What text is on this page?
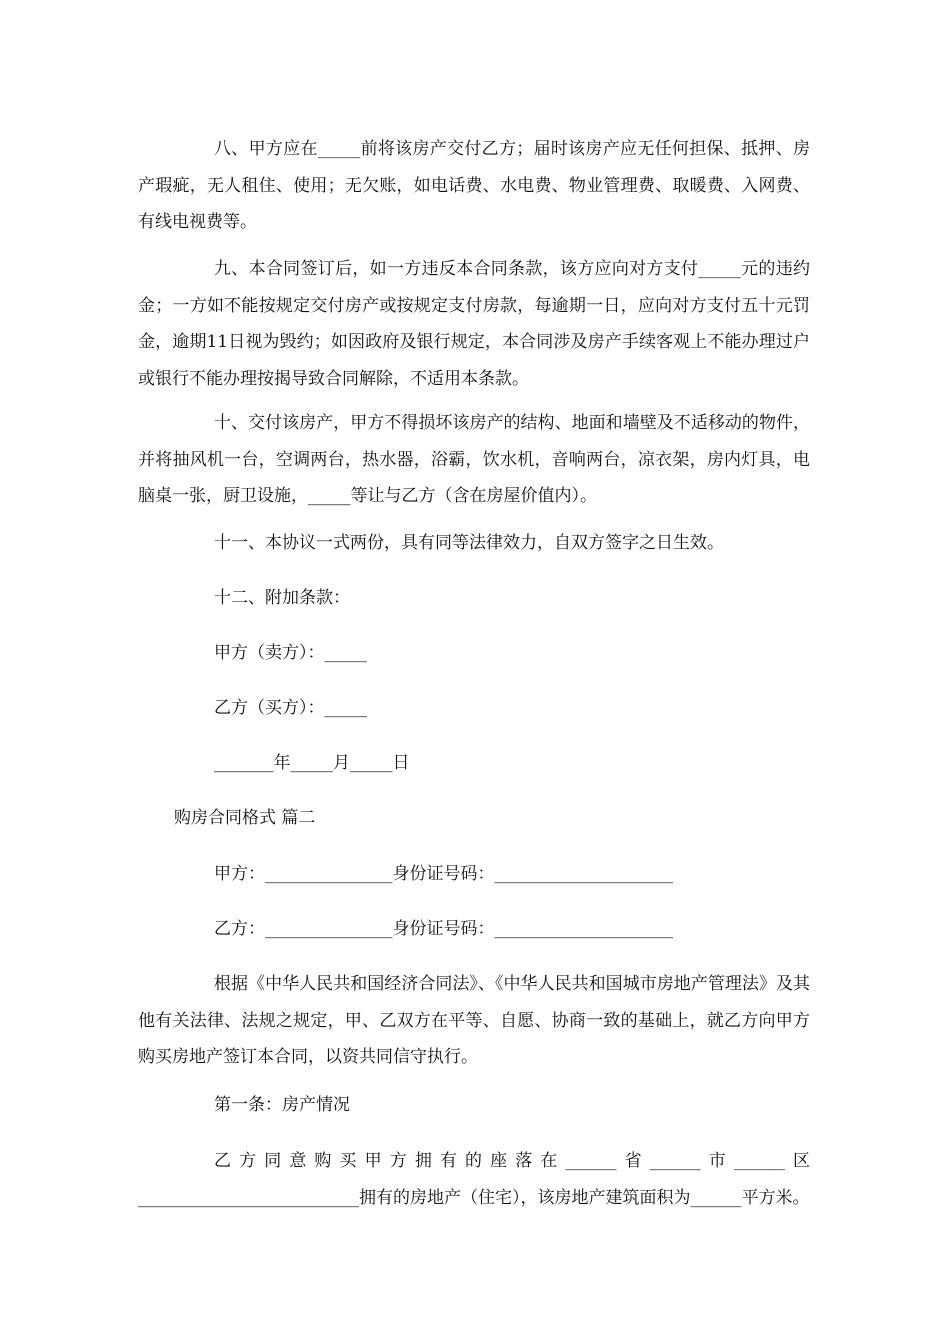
八、甲方应在_____前将该房产交付乙方；届时该房产应无任何担保、抵押、房产瑕疵，无人租住、使用；无欠账，如电话费、水电费、物业管理费、取暖费、入网费、有线电视费等。

九、本合同签订后，如一方违反本合同条款，该方应向对方支付_____元的违约金；一方如不能按规定交付房产或按规定支付房款，每逾期一日，应向对方支付五十元罚金，逾期11日视为毁约；如因政府及银行规定，本合同涉及房产手续客观上不能办理过户或银行不能办理按揭导致合同解除，不适用本条款。

十、交付该房产，甲方不得损坏该房产的结构、地面和墙壁及不适移动的物件，并将抽风机一台，空调两台，热水器，浴霸，饮水机，音响两台，凉衣架，房内灯具，电脑桌一张，厨卫设施，_____等让与乙方（含在房屋价值内）。

十一、本协议一式两份，具有同等法律效力，自双方签字之日生效。

十二、附加条款：

甲方（卖方）：_____

乙方（买方）：_____

_______年_____月_____日

购房合同格式 篇二

甲方：_______________身份证号码：_____________________

乙方：_______________身份证号码：_____________________

根据《中华人民共和国经济合同法》、《中华人民共和国城市房地产管理法》及其他有关法律、法规之规定，甲、乙双方在平等、自愿、协商一致的基础上，就乙方向甲方购买房地产签订本合同，以资共同信守执行。

第一条：房产情况

乙方同意购买甲方拥有的座落在______省______市______区__________________________拥有的房地产（住宅），该房地产建筑面积为______平方米。
